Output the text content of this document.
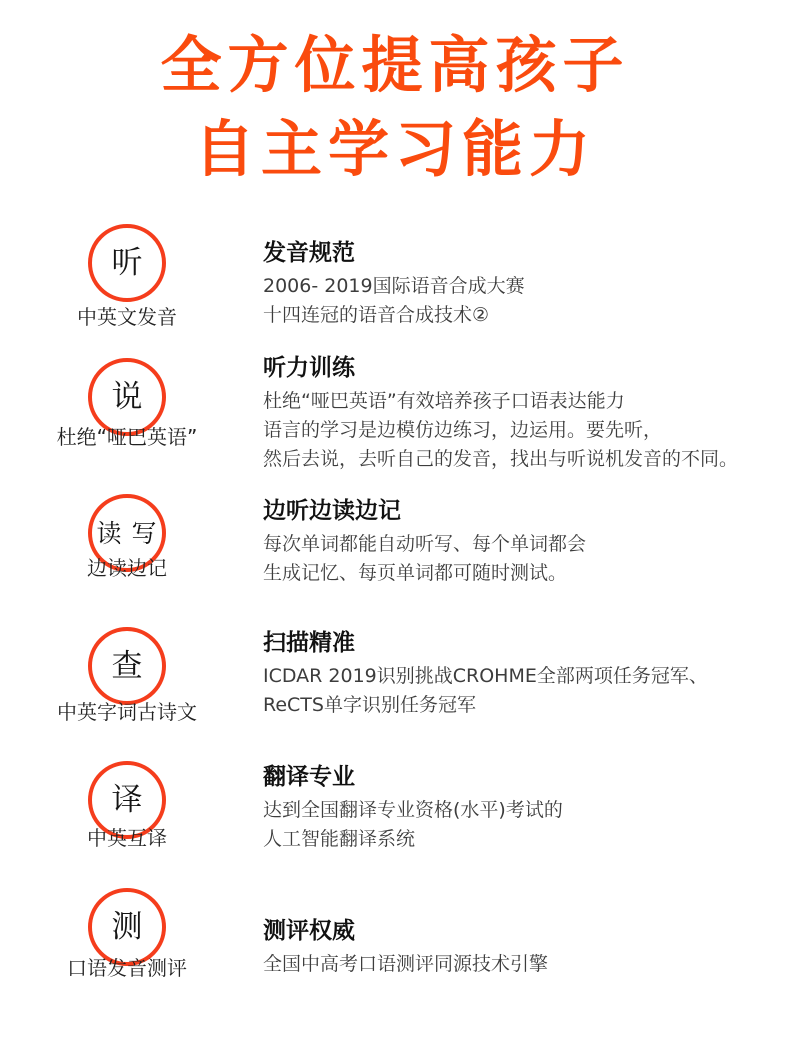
全方位提高孩子
自主学习能力
听
中英文发音
发音规范

2006- 2019国际语音合成大赛

十四连冠的语音合成技术②

说
杜绝“哑巴英语”
听力训练

杜绝“哑巴英语”有效培养孩子口语表达能力

语言的学习是边模仿边练习，边运用。要先听，

然后去说，去听自己的发音，找出与听说机发音的不同。

读 写
边读边记
边听边读边记

每次单词都能自动听写、每个单词都会

生成记忆、每页单词都可随时测试。

查
中英字词古诗文
扫描精准

ICDAR 2019识别挑战CROHME全部两项任务冠军、

ReCTS单字识别任务冠军

译
中英互译
翻译专业

达到全国翻译专业资格(水平)考试的

人工智能翻译系统

测
口语发音测评
测评权威

全国中高考口语测评同源技术引擎
